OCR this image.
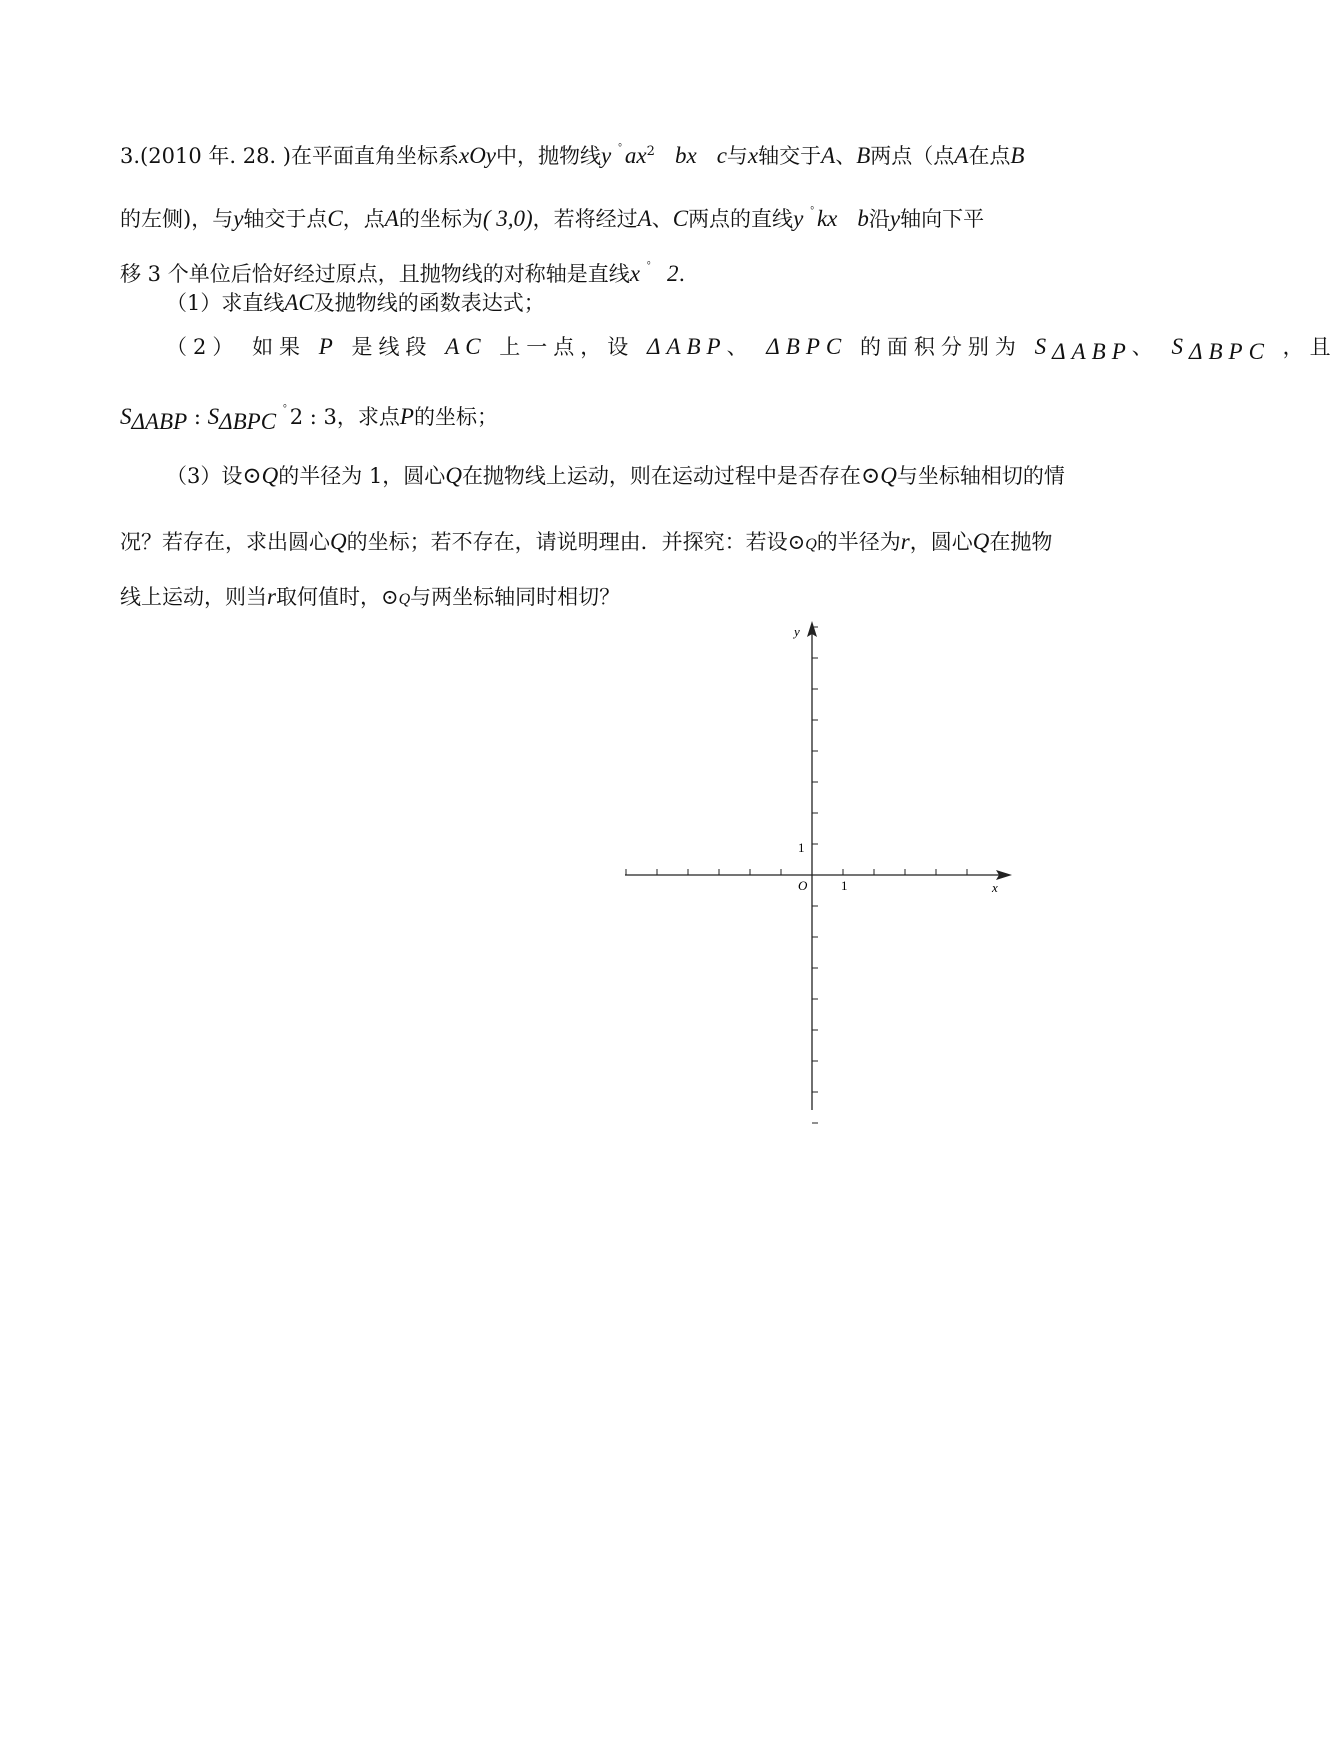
3.(2010 年. 28. )在平面直角坐标系xOy中，抛物线y $^ﾟax^2$ bx c与x轴交于A、B两点（点A在点B
的左侧)，与y轴交于点C，点A的坐标为( 3,0)，若将经过A、C两点的直线y $^ﾟ$kx b沿y轴向下平
移 3 个单位后恰好经过原点，且抛物线的对称轴是直线x $^ﾟ$ 2.
（1）求直线AC及抛物线的函数表达式；
（2） 如果 P 是线段 AC 上一点，设 ΔABP、 ΔBPC 的面积分别为 $S_{\Delta ABP}$、 $S_{\Delta BPC}$ ，且
$S_{\Delta ABP}$ : $S_{\Delta BPC}$ $^ﾟ$2 : 3，求点P的坐标；
（3）设⊙Q的半径为 1，圆心Q在抛物线上运动，则在运动过程中是否存在⊙Q与坐标轴相切的情
况？若存在，求出圆心Q的坐标；若不存在，请说明理由．并探究：若设⊙Q的半径为r，圆心Q在抛物
线上运动，则当r取何值时，⊙Q与两坐标轴同时相切？
x
y
O	1
1
